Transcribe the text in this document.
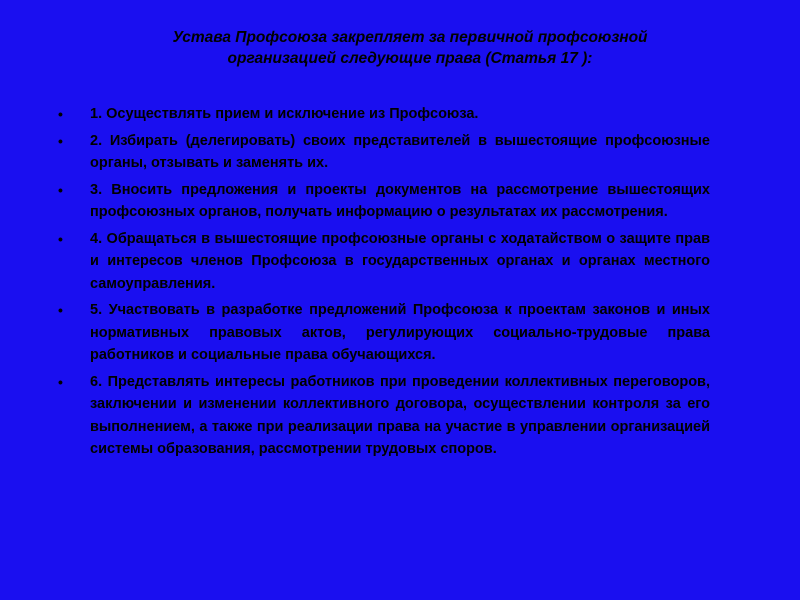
Устава Профсоюза закрепляет за первичной профсоюзной
организацией следующие права (Статья 17 ):
•	1. Осуществлять прием и исключение из Профсоюза.
•	2. Избирать (делегировать) своих представителей в вышестоящие профсоюзные органы, отзывать и заменять их.
•	3. Вносить предложения и проекты документов на рассмотрение вышестоящих профсоюзных органов, получать информацию о результатах их рассмотрения.
•	4. Обращаться в вышестоящие профсоюзные органы с ходатайством о защите прав и интересов членов Профсоюза в государственных органах и органах местного самоуправления.
•	5. Участвовать в разработке предложений Профсоюза к проектам законов и иных нормативных правовых актов, регулирующих социально-трудовые права работников и социальные права обучающихся.
•	6. Представлять интересы работников при проведении коллективных переговоров, заключении и изменении коллективного договора, осуществлении контроля за его выполнением, а также при реализации права на участие в управлении организацией системы образования, рассмотрении трудовых споров.
